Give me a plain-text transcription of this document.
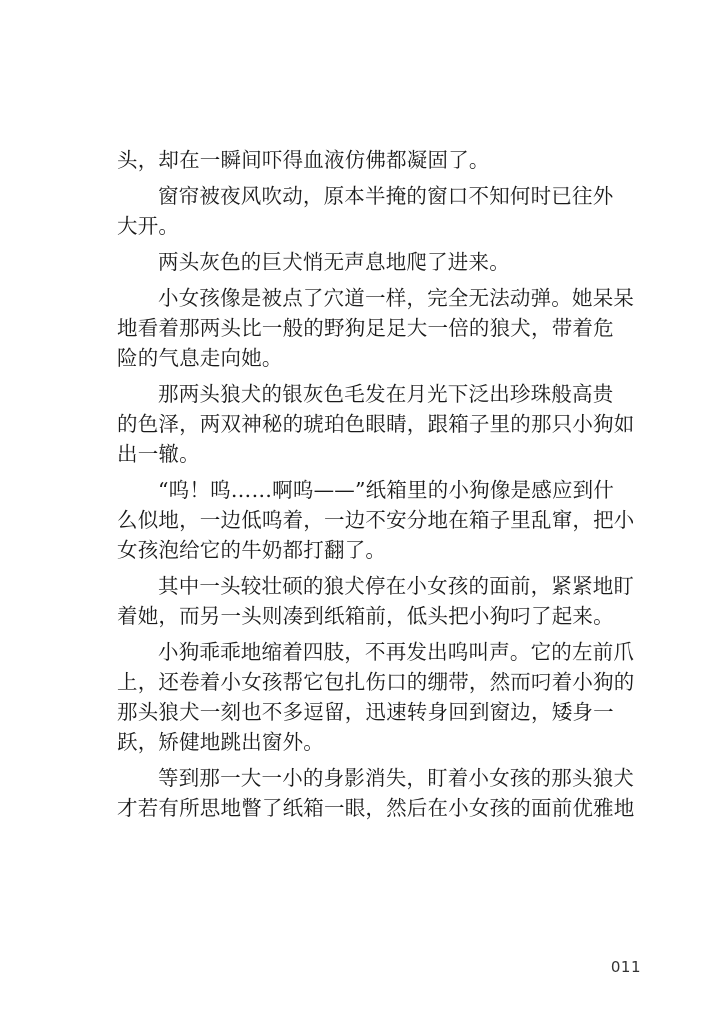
头，却在一瞬间吓得血液仿佛都凝固了。

窗帘被夜风吹动，原本半掩的窗口不知何时已往外
大开。

两头灰色的巨犬悄无声息地爬了进来。

小女孩像是被点了穴道一样，完全无法动弹。她呆呆
地看着那两头比一般的野狗足足大一倍的狼犬，带着危
险的气息走向她。

那两头狼犬的银灰色毛发在月光下泛出珍珠般高贵
的色泽，两双神秘的琥珀色眼睛，跟箱子里的那只小狗如
出一辙。

“呜！呜……啊呜——”纸箱里的小狗像是感应到什
么似地，一边低呜着，一边不安分地在箱子里乱窜，把小
女孩泡给它的牛奶都打翻了。

其中一头较壮硕的狼犬停在小女孩的面前，紧紧地盯
着她，而另一头则凑到纸箱前，低头把小狗叼了起来。

小狗乖乖地缩着四肢，不再发出呜叫声。它的左前爪
上，还卷着小女孩帮它包扎伤口的绷带，然而叼着小狗的
那头狼犬一刻也不多逗留，迅速转身回到窗边，矮身一
跃，矫健地跳出窗外。

等到那一大一小的身影消失，盯着小女孩的那头狼犬
才若有所思地瞥了纸箱一眼，然后在小女孩的面前优雅地

011
